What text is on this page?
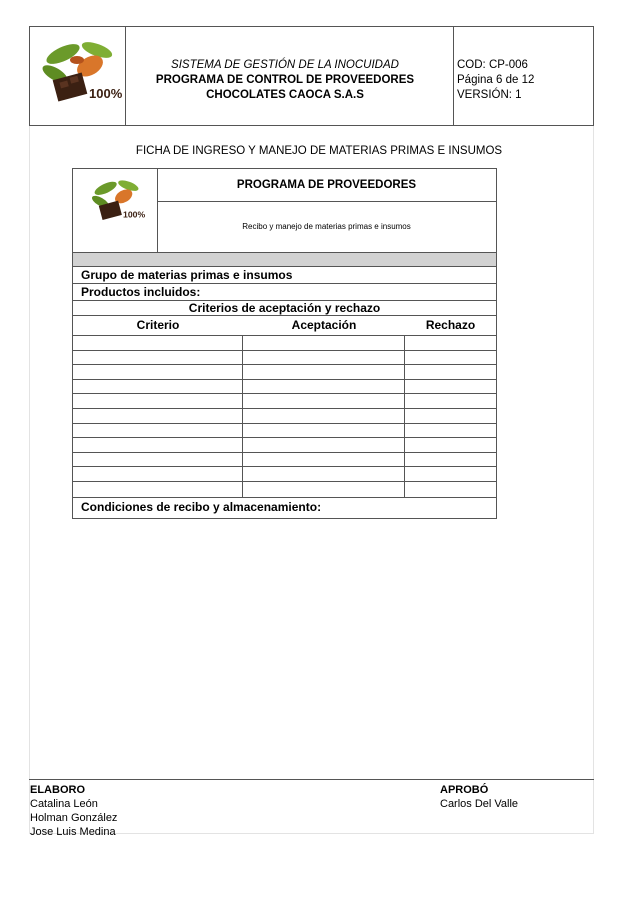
100%
SISTEMA DE GESTIÓN DE LA INOCUIDAD
PROGRAMA DE CONTROL DE PROVEEDORES
CHOCOLATES CAOCA S.A.S
COD: CP-006
Página 6 de 12
VERSIÓN: 1
FICHA DE INGRESO Y MANEJO DE MATERIAS PRIMAS E INSUMOS
100%
PROGRAMA DE PROVEEDORES
Recibo y manejo de materias primas e insumos
Grupo de materias primas e insumos
Productos incluidos:
Criterios de aceptación y rechazo
Criterio	Aceptación	Rechazo
Condiciones de recibo y almacenamiento:
ELABORO
Catalina León
Holman González
Jose Luis Medina
APROBÓ
Carlos Del Valle
